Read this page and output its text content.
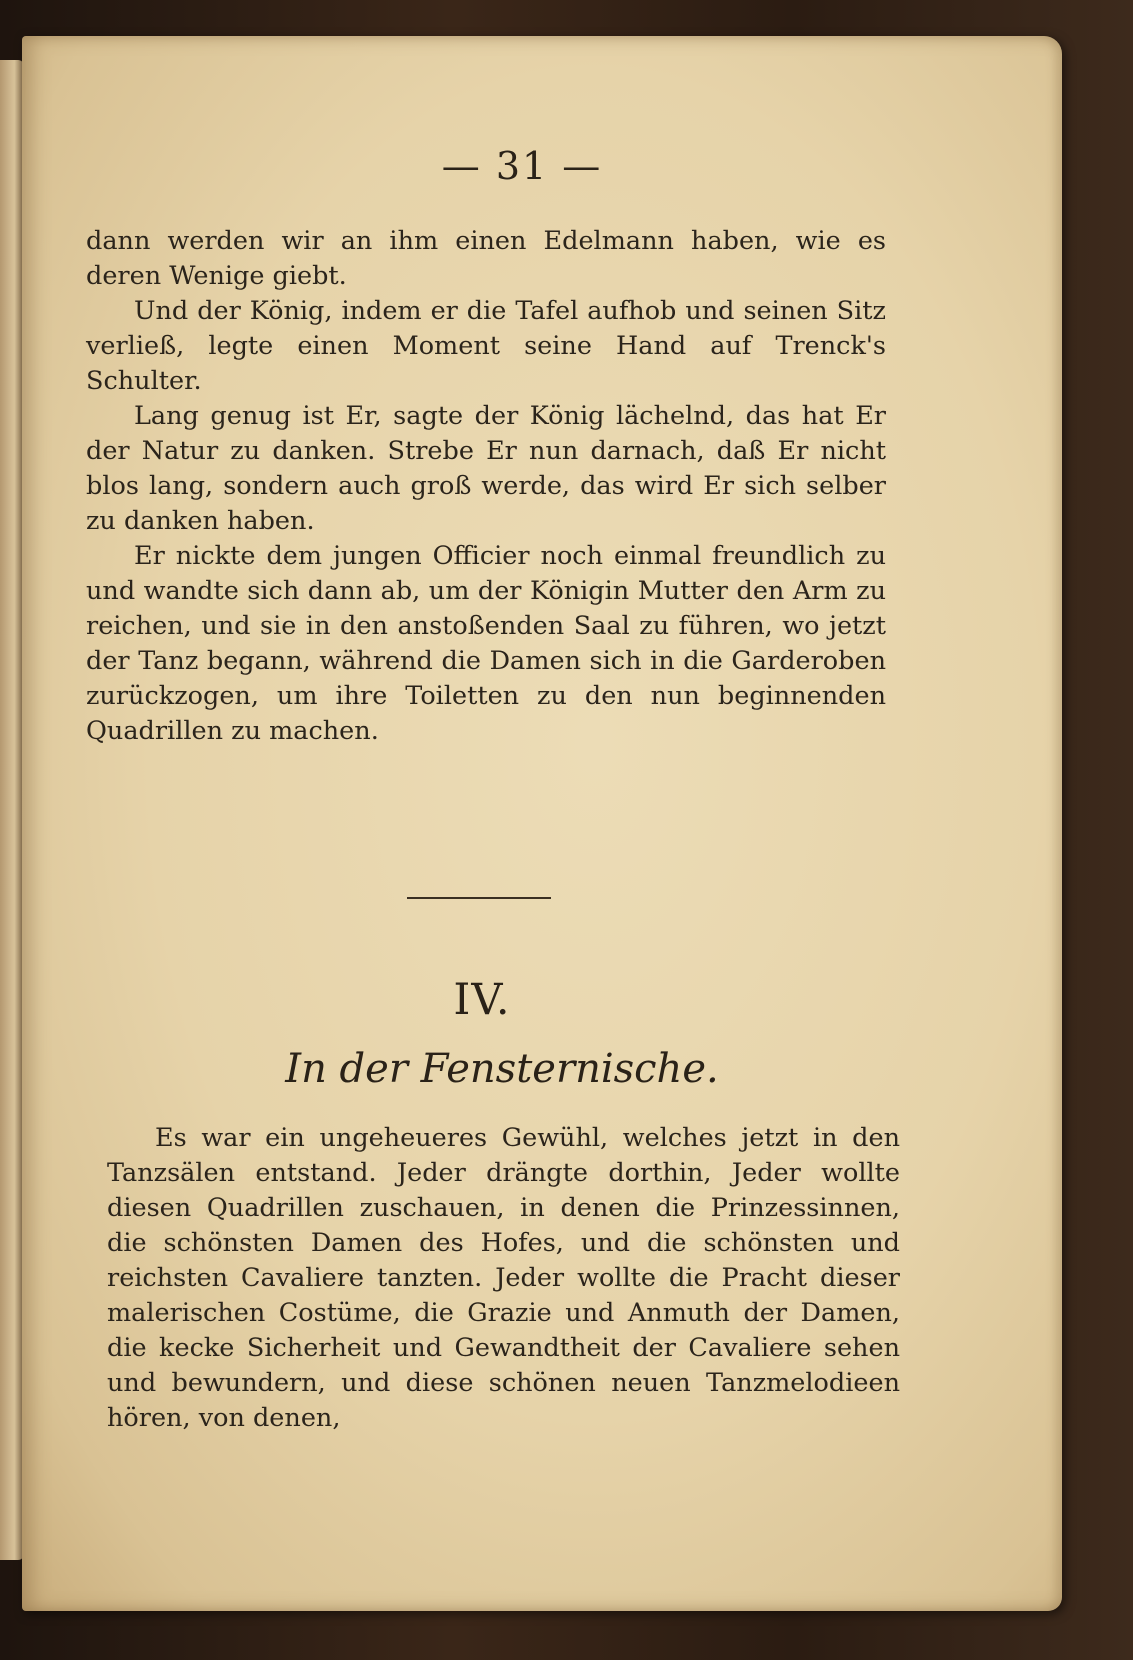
— 31 —

dann werden wir an ihm einen Edelmann haben, wie es deren Wenige giebt.

Und der König, indem er die Tafel aufhob und seinen Sitz verließ, legte einen Moment seine Hand auf Trenck's Schulter.

Lang genug ist Er, sagte der König lächelnd, das hat Er der Natur zu danken. Strebe Er nun darnach, daß Er nicht blos lang, sondern auch groß werde, das wird Er sich selber zu danken haben.

Er nickte dem jungen Officier noch einmal freundlich zu und wandte sich dann ab, um der Königin Mutter den Arm zu reichen, und sie in den anstoßenden Saal zu führen, wo jetzt der Tanz begann, während die Damen sich in die Garderoben zurückzogen, um ihre Toiletten zu den nun beginnenden Quadrillen zu machen.

IV.
In der Fensternische.

Es war ein ungeheueres Gewühl, welches jetzt in den Tanzsälen entstand. Jeder drängte dorthin, Jeder wollte diesen Quadrillen zuschauen, in denen die Prinzessinnen, die schönsten Damen des Hofes, und die schönsten und reichsten Cavaliere tanzten. Jeder wollte die Pracht dieser malerischen Costüme, die Grazie und Anmuth der Damen, die kecke Sicherheit und Gewandtheit der Cavaliere sehen und bewundern, und diese schönen neuen Tanzmelodieen hören, von denen,
